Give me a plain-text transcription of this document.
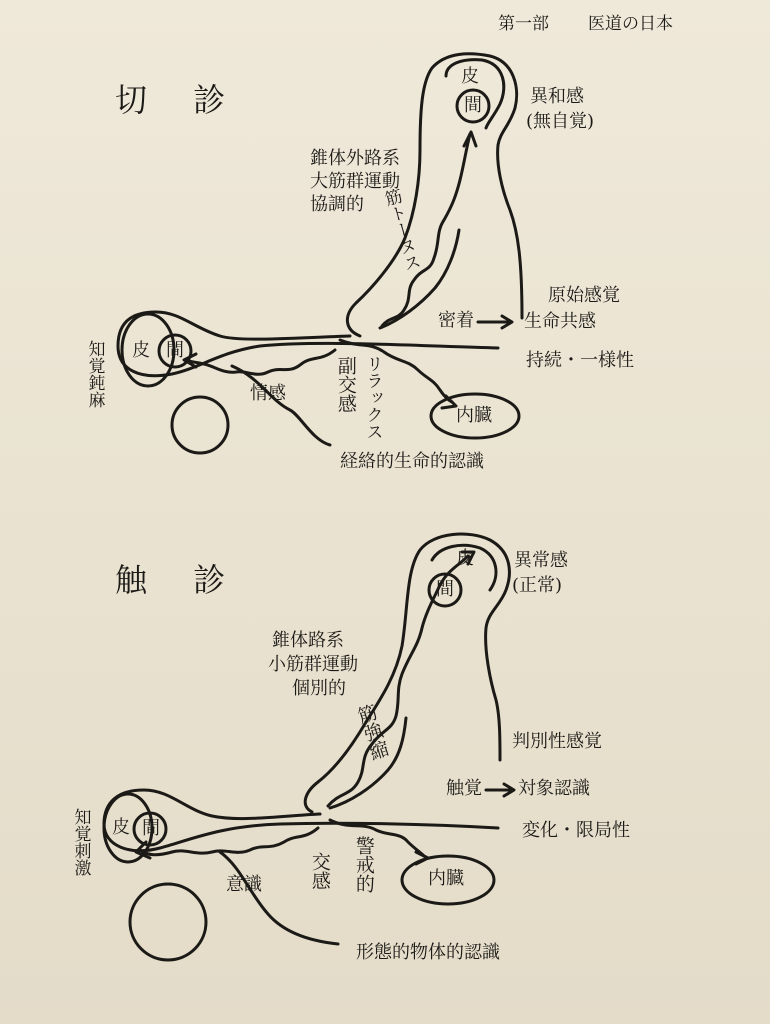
第一部 医道の日本
切 診
皮
間	異和感
(無自覚)
錐体外路系
大筋群運動
協調的 筋トーヌス
密着
原始感覚
生命共感
持続・一様性
知覚鈍麻 皮 間
情感	副交感 リラックス	内臓
経絡的生命的認識
触 診
皮
間
異常感
(正常)
錐体路系
小筋群運動
個別的
筋強縮	判別性感覚
触覚 対象認識
変化・限局性
知覚刺激 皮 間
意識 交感 警戒的	内臓
形態的物体的認識
